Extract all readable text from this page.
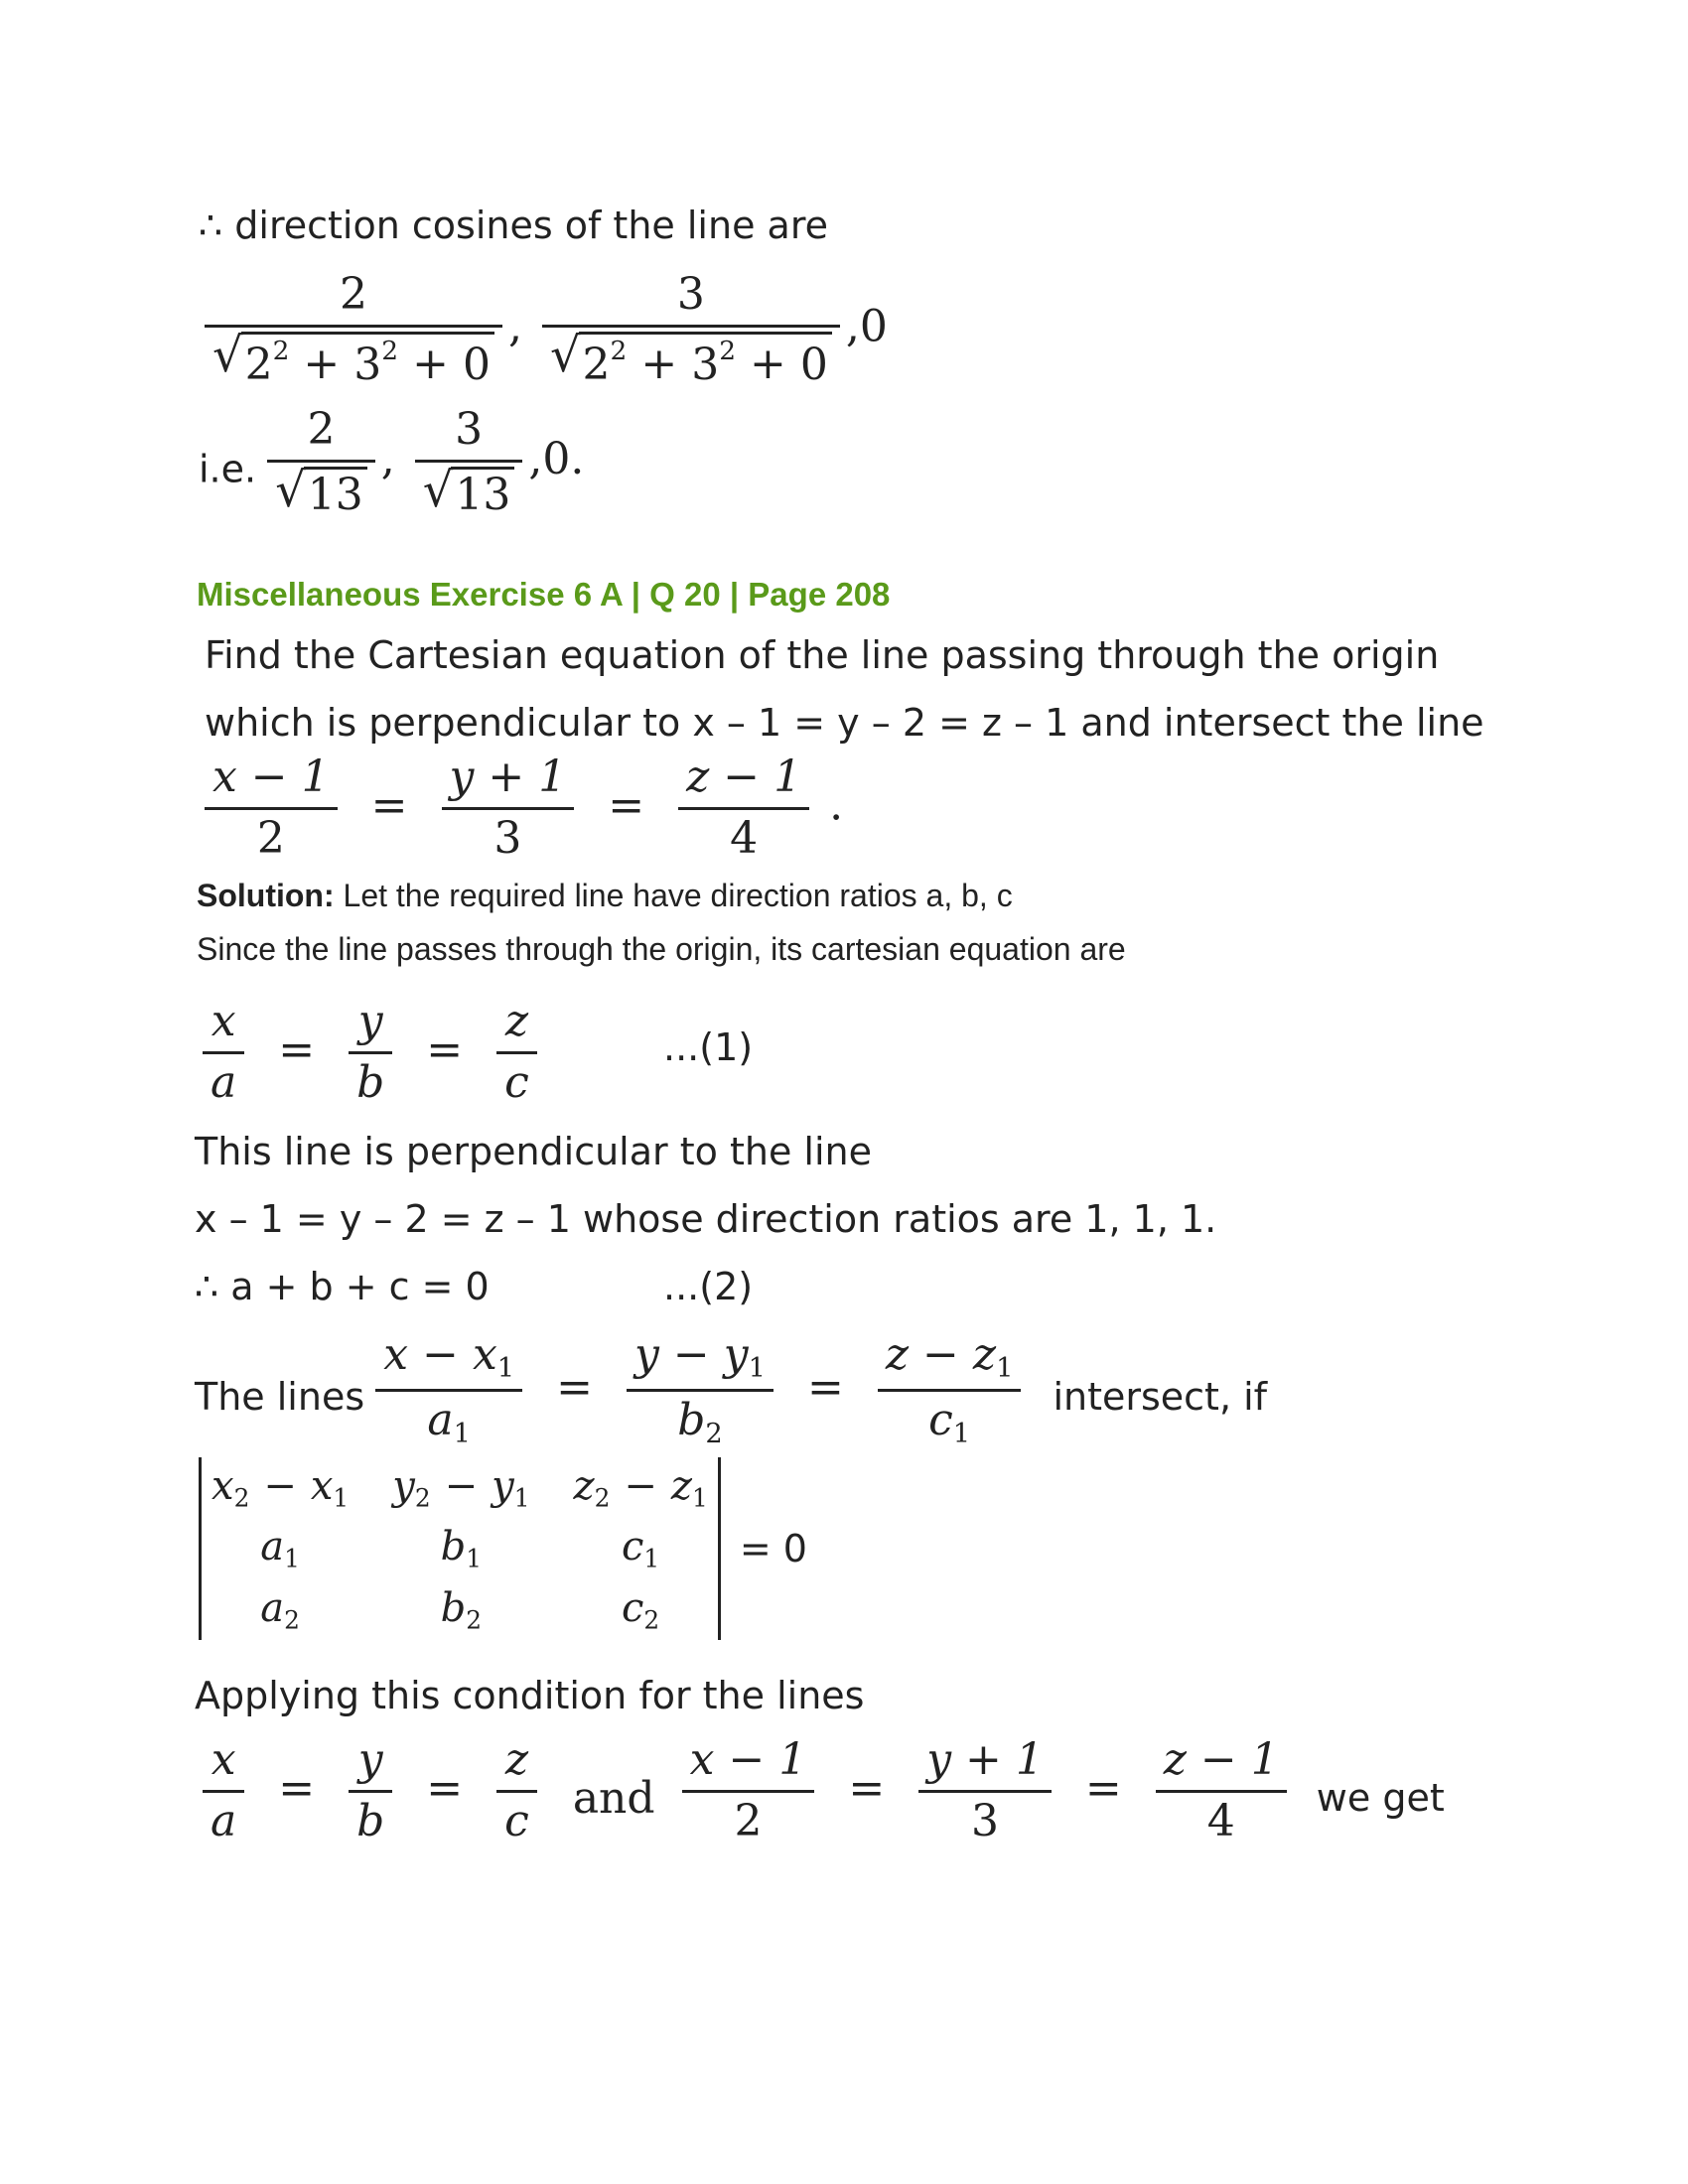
∴ direction cosines of the line are
$\frac{2}{√ 2^2 + 3^2 + 0}$ , $\frac{3}{√ 2^2 + 3^2 + 0} ,0$
i.e. $\frac{2}{√ 13}$ , $\frac{3}{√ 13} ,0$.
Miscellaneous Exercise 6 A | Q 20 | Page 208
Find the Cartesian equation of the line passing through the origin
which is perpendicular to x – 1 = y – 2 = z – 1 and intersect the line
$\frac{x - 1}{2} = \frac{y + 1}{3} = \frac{z - 1}{4}$ .
Solution: Let the required line have direction ratios a, b, c
Since the line passes through the origin, its cartesian equation are
$\frac{x}{a} = \frac{y}{b} = \frac{z}{c}$	...(1)
This line is perpendicular to the line
x – 1 = y – 2 = z – 1 whose direction ratios are 1, 1, 1.
∴ a + b + c = 0	...(2)
The lines $\frac{x - x_1}{a_1} = \frac{y - y_1}{b_2} = \frac{z - z_1}{c_1}$ intersect, if
$x_2 - x_1$ $y_2 - y_1$ $z_2 - z_1$
$a_1$	$b_1$	$c_1$
$a_2$	$b_2$	$c_2$
= 0
Applying this condition for the lines
$\frac{x}{a} = \frac{y}{b} = \frac{z}{c}$ and $\frac{x - 1}{2} = \frac{y + 1}{3} = \frac{z - 1}{4}$ we get
